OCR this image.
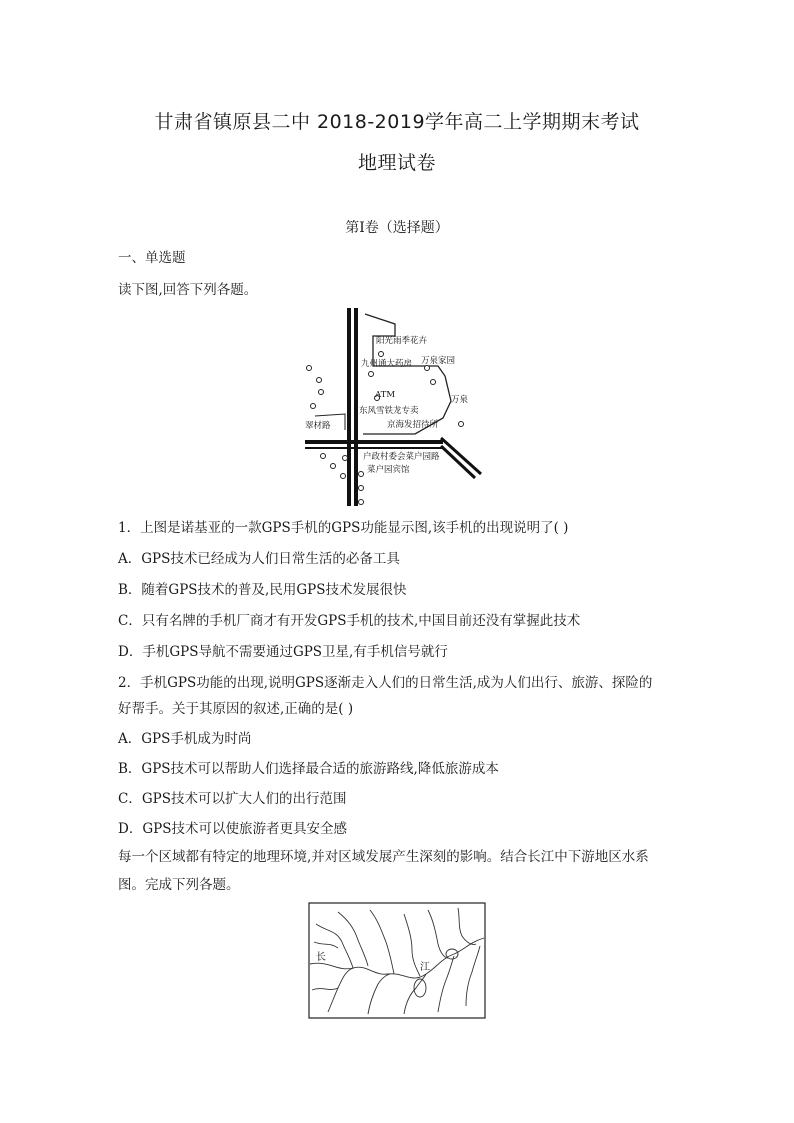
甘肃省镇原县二中 2018-2019学年高二上学期期末考试
地理试卷
第Ⅰ卷（选择题）
一、单选题
读下图,回答下列各题。
阳光雨季花卉
九州通大药房 万泉家园
ATM
东风雪铁龙专卖
万泉
京海发招待所
翠材路
户政村委会菜户园路
菜户园宾馆
1．上图是诺基亚的一款GPS手机的GPS功能显示图,该手机的出现说明了( )
A．GPS技术已经成为人们日常生活的必备工具
B．随着GPS技术的普及,民用GPS技术发展很快
C．只有名牌的手机厂商才有开发GPS手机的技术,中国目前还没有掌握此技术
D．手机GPS导航不需要通过GPS卫星,有手机信号就行
2．手机GPS功能的出现,说明GPS逐渐走入人们的日常生活,成为人们出行、旅游、探险的
好帮手。关于其原因的叙述,正确的是( )
A．GPS手机成为时尚
B．GPS技术可以帮助人们选择最合适的旅游路线,降低旅游成本
C．GPS技术可以扩大人们的出行范围
D．GPS技术可以使旅游者更具安全感
每一个区域都有特定的地理环境,并对区域发展产生深刻的影响。结合长江中下游地区水系
图。完成下列各题。
长
江
